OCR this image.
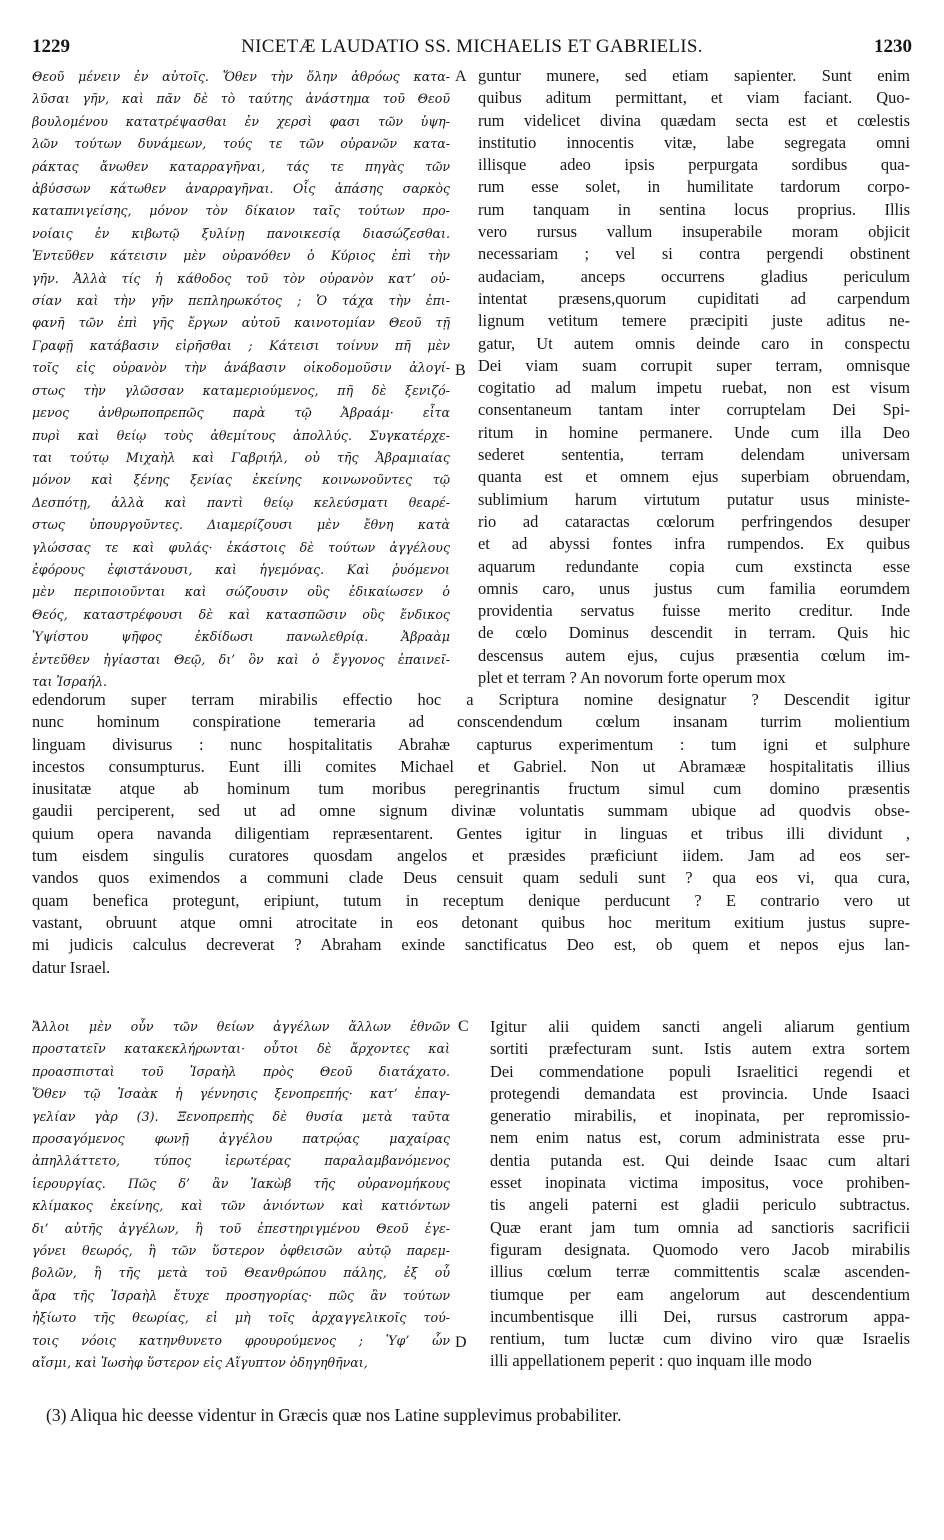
1229	NICETÆ LAUDATIO SS. MICHAELIS ET GABRIELIS.	1230
Θεοῦ μένειν ἐν αὐτοῖς. Ὅθεν τὴν ὅλην ἀθρόως κατα-
λῦσαι γῆν, καὶ πᾶν δὲ τὸ ταύτης ἀνάστημα τοῦ Θεοῦ
βουλομένου κατατρέψασθαι ἐν χερσὶ φασι τῶν ὑψη-
λῶν τούτων δυνάμεων, τούς τε τῶν οὐρανῶν κατα-
ράκτας ἄνωθεν καταρραγῆναι, τάς τε πηγὰς τῶν
ἀβύσσων κάτωθεν ἀναρραγῆναι. Οἷς ἁπάσης σαρκὸς
καταπνιγείσης, μόνον τὸν δίκαιον ταῖς τούτων προ-
νοίαις ἐν κιβωτῷ ξυλίνῃ πανοικεσίᾳ διασώζεσθαι.
Ἐντεῦθεν κάτεισιν μὲν οὐρανόθεν ὁ Κύριος ἐπὶ τὴν
γῆν. Ἀλλὰ τίς ἡ κάθοδος τοῦ τὸν οὐρανὸν κατ’ οὐ-
σίαν καὶ τὴν γῆν πεπληρωκότος ; Ὁ τάχα τὴν ἐπι-
φανῆ τῶν ἐπὶ γῆς ἔργων αὐτοῦ καινοτομίαν Θεοῦ τῇ
Γραφῇ κατάβασιν εἰρῆσθαι ; Κάτεισι τοίνυν πῆ μὲν
τοῖς εἰς οὐρανὸν τὴν ἀνάβασιν οἰκοδομοῦσιν ἀλογί-
στως τὴν γλῶσσαν καταμεριούμενος, πῆ δὲ ξενιζό-
μενος ἀνθρωποπρεπῶς παρὰ τῷ Ἀβραάμ· εἶτα
πυρὶ καὶ θείῳ τοὺς ἀθεμίτους ἀπολλύς. Συγκατέρχε-
ται τούτῳ Μιχαὴλ καὶ Γαβριήλ, οὐ τῆς Ἀβραμιαίας
μόνον καὶ ξένης ξενίας ἐκείνης κοινωνοῦντες τῷ
Δεσπότῃ, ἀλλὰ καὶ παντὶ θείῳ κελεύσματι θεαρέ-
στως ὑπουργοῦντες. Διαμερίζουσι μὲν ἔθνη κατὰ
γλώσσας τε καὶ φυλάς· ἑκάστοις δὲ τούτων ἀγγέλους
ἐφόρους ἐφιστάνουσι, καὶ ἡγεμόνας. Καὶ ῥυόμενοι
μὲν περιποιοῦνται καὶ σώζουσιν οὓς ἐδικαίωσεν ὁ
Θεός, καταστρέφουσι δὲ καὶ κατασπῶσιν οὓς ἔνδικος
Ὑψίστου ψῆφος ἐκδίδωσι πανωλεθρίᾳ. Ἀβραὰμ
ἐντεῦθεν ἡγίασται Θεῷ, δι’ ὃν καὶ ὁ ἔγγονος ἐπαινεῖ-
ται Ἰσραήλ.
guntur munere, sed etiam sapienter. Sunt enim
quibus aditum permittant, et viam faciant. Quo-
rum videlicet divina quædam secta est et cœlestis
institutio innocentis vitæ, labe segregata omni
illisque adeo ipsis perpurgata sordibus qua-
rum esse solet, in humilitate tardorum corpo-
rum tanquam in sentina locus proprius. Illis
vero rursus vallum insuperabile moram objicit
necessariam ; vel si contra pergendi obstinent
audaciam, anceps occurrens gladius periculum
intentat præsens,quorum cupiditati ad carpendum
lignum vetitum temere præcipiti juste aditus ne-
gatur, Ut autem omnis deinde caro in conspectu
Dei viam suam corrupit super terram, omnisque
cogitatio ad malum impetu ruebat, non est visum
consentaneum tantam inter corruptelam Dei Spi-
ritum in homine permanere. Unde cum illa Deo
sederet sententia, terram delendam universam
quanta est et omnem ejus superbiam obruendam,
sublimium harum virtutum putatur usus ministe-
rio ad cataractas cœlorum perfringendos desuper
et ad abyssi fontes infra rumpendos. Ex quibus
aquarum redundante copia cum exstincta esse
omnis caro, unus justus cum familia eorumdem
providentia servatus fuisse merito creditur. Inde
de cœlo Dominus descendit in terram. Quis hic
descensus autem ejus, cujus præsentia cœlum im-
plet et terram ? An novorum forte operum mox
edendorum super terram mirabilis effectio hoc a Scriptura nomine designatur ? Descendit igitur
nunc hominum conspiratione temeraria ad conscendendum cœlum insanam turrim molientium
linguam divisurus : nunc hospitalitatis Abrahæ capturus experimentum : tum igni et sulphure
incestos consumpturus. Eunt illi comites Michael et Gabriel. Non ut Abramææ hospitalitatis illius
inusitatæ atque ab hominum tum moribus peregrinantis fructum simul cum domino præsentis
gaudii perciperent, sed ut ad omne signum divinæ voluntatis summam ubique ad quodvis obse-
quium opera navanda diligentiam repræsentarent. Gentes igitur in linguas et tribus illi dividunt ,
tum eisdem singulis curatores quosdam angelos et præsides præficiunt iidem. Jam ad eos ser-
vandos quos eximendos a communi clade Deus censuit quam seduli sunt ? qua eos vi, qua cura,
quam benefica protegunt, eripiunt, tutum in receptum denique perducunt ? E contrario vero ut
vastant, obruunt atque omni atrocitate in eos detonant quibus hoc meritum exitium justus supre-
mi judicis calculus decreverat ? Abraham exinde sanctificatus Deo est, ob quem et nepos ejus lan-
datur Israel.
Ἄλλοι μὲν οὖν τῶν θείων ἀγγέλων ἄλλων ἐθνῶν
προστατεῖν κατακεκλήρωνται· οὗτοι δὲ ἄρχοντες καὶ
προασπισταὶ τοῦ Ἰσραὴλ πρὸς Θεοῦ διατάχατο.
Ὅθεν τῷ Ἰσαὰκ ἡ γέννησις ξενοπρεπής· κατ’ ἐπαγ-
γελίαν γὰρ (3). Ξενοπρεπὴς δὲ θυσία μετὰ ταῦτα
προσαγόμενος φωνῇ ἀγγέλου πατρῴας μαχαίρας
ἀπηλλάττετο, τύπος ἱερωτέρας παραλαμβανόμενος
ἱερουργίας. Πῶς δ’ ἂν Ἰακὼβ τῆς οὐρανομήκους
κλίμακος ἐκείνης, καὶ τῶν ἀνιόντων καὶ κατιόντων
δι’ αὐτῆς ἀγγέλων, ἢ τοῦ ἐπεστηριγμένου Θεοῦ ἐγε-
γόνει θεωρός, ἢ τῶν ὕστερον ὀφθεισῶν αὐτῷ παρεμ-
βολῶν, ἢ τῆς μετὰ τοῦ Θεανθρώπου πάλης, ἐξ οὗ
ἄρα τῆς Ἰσραὴλ ἔτυχε προσηγορίας· πῶς ἂν τούτων
ἠξίωτο τῆς θεωρίας, εἰ μὴ τοῖς ἀρχαγγελικοῖς τού-
τοις νόοις κατηνθυνετο φρουρούμενος ; Ὑφ’ ὧν
αἴσμι, καὶ Ἰωσὴφ ὕστερον εἰς Αἴγυπτον ὁδηγηθῆναι,
Igitur alii quidem sancti angeli aliarum gentium
sortiti præfecturam sunt. Istis autem extra sortem
Dei commendatione populi Israelitici regendi et
protegendi demandata est provincia. Unde Isaaci
generatio mirabilis, et inopinata, per repromissio-
nem enim natus est, corum administrata esse pru-
dentia putanda est. Qui deinde Isaac cum altari
esset inopinata victima impositus, voce prohiben-
tis angeli paterni est gladii periculo subtractus.
Quæ erant jam tum omnia ad sanctioris sacrificii
figuram designata. Quomodo vero Jacob mirabilis
illius cœlum terræ committentis scalæ ascenden-
tiumque per eam angelorum aut descendentium
incumbentisque illi Dei, rursus castrorum appa-
rentium, tum luctæ cum divino viro quæ Israelis
illi appellationem peperit : quo inquam ille modo
A
B
C
D
(3) Aliqua hic deesse videntur in Græcis quæ nos Latine supplevimus probabiliter.
